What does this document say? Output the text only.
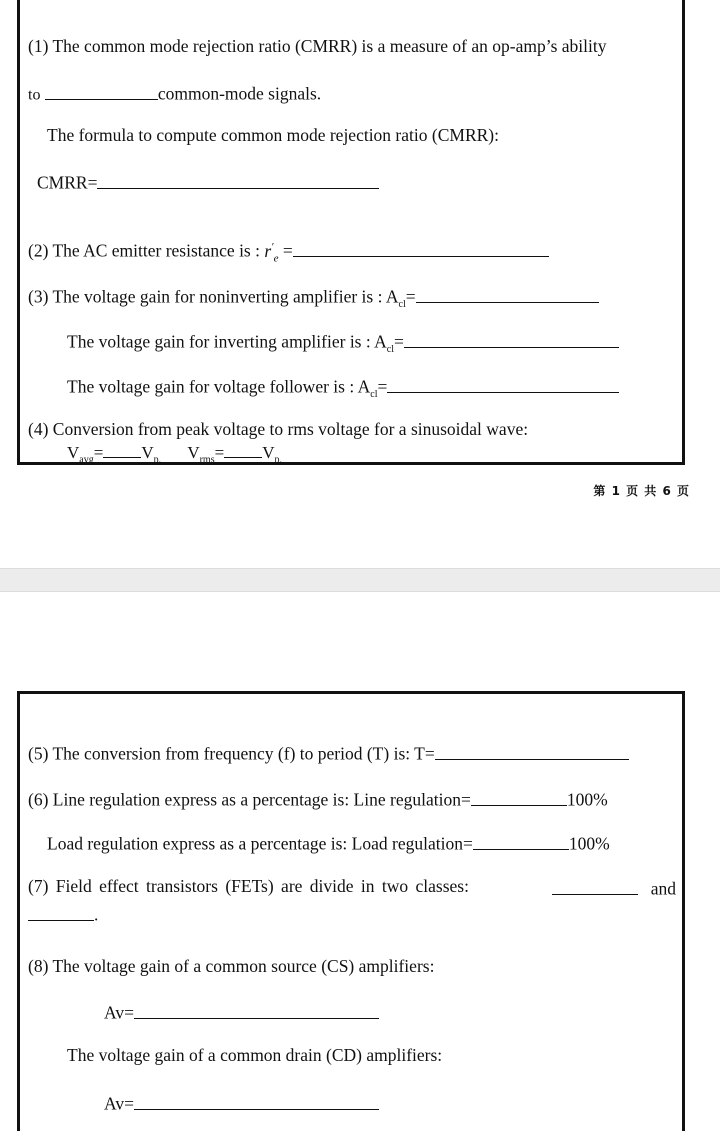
(1) The common mode rejection ratio (CMRR) is a measure of an op-amp’s ability
to	common-mode signals.
The formula to compute common mode rejection ratio (CMRR):
CMRR=
(2) The AC emitter resistance is : $r'_e$ =
(3) The voltage gain for noninverting amplifier is : $A_{cl}=$
The voltage gain for inverting amplifier is : $A_{cl}=$
The voltage gain for voltage follower is : $A_{cl}=$
(4) Conversion from peak voltage to rms voltage for a sinusoidal wave:
$V_{avg}= V_{p,}$ $V_{rms}= V_{p,}$
第 1 页 共 6 页
(5) The conversion from frequency (f) to period (T) is: T=
(6) Line regulation express as a percentage is: Line regulation=	100%
Load regulation express as a percentage is: Load regulation=	100%
(7) Field effect transistors (FETs) are divide in two classes:	and
.
(8) The voltage gain of a common source (CS) amplifiers:
Av=
The voltage gain of a common drain (CD) amplifiers:
Av=
